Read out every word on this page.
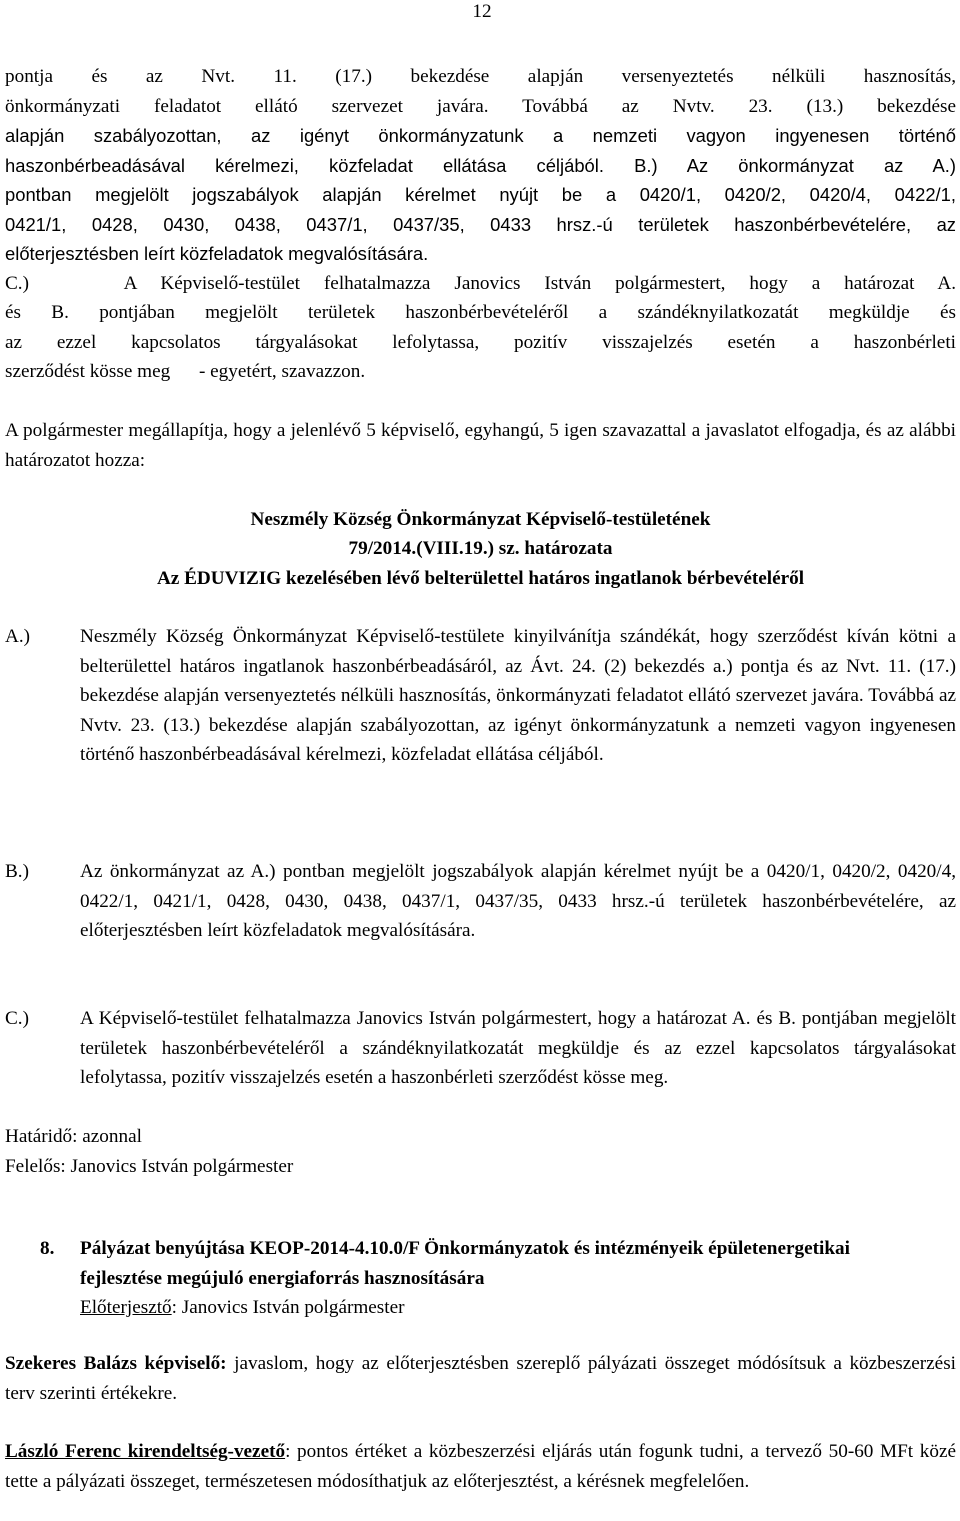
12

pontja és az Nvt. 11. (17.) bekezdése alapján versenyeztetés nélküli hasznosítás,

önkormányzati feladatot ellátó szervezet javára. Továbbá az Nvtv. 23. (13.) bekezdése

alapján szabályozottan, az igényt önkormányzatunk a nemzeti vagyon ingyenesen történő

haszonbérbeadásával kérelmezi, közfeladat ellátása céljából. B.) Az önkormányzat az A.)

pontban megjelölt jogszabályok alapján kérelmet nyújt be a 0420/1, 0420/2, 0420/4, 0422/1,

0421/1, 0428, 0430, 0438, 0437/1, 0437/35, 0433 hrsz.-ú területek haszonbérbevételére, az

előterjesztésben leírt közfeladatok megvalósítására.

C.)    A Képviselő-testület felhatalmazza Janovics István polgármestert, hogy a határozat A.

és B. pontjában megjelölt területek haszonbérbevételéről a szándéknyilatkozatát megküldje és

az ezzel kapcsolatos tárgyalásokat lefolytassa, pozitív visszajelzés esetén a haszonbérleti

szerződést kösse meg      - egyetért, szavazzon.

A polgármester megállapítja, hogy a jelenlévő 5 képviselő, egyhangú, 5 igen szavazattal a javaslatot elfogadja, és az alábbi határozatot hozza:

Neszmély Község Önkormányzat Képviselő-testületének

79/2014.(VIII.19.) sz. határozata

Az ÉDUVIZIG kezelésében lévő belterülettel határos ingatlanok bérbevételéről

A.)	Neszmély Község Önkormányzat Képviselő-testülete kinyilvánítja szándékát, hogy szerződést kíván kötni a belterülettel határos ingatlanok haszonbérbeadásáról, az Ávt. 24. (2) bekezdés a.) pontja és az Nvt. 11. (17.) bekezdése alapján versenyeztetés nélküli hasznosítás, önkormányzati feladatot ellátó szervezet javára. Továbbá az Nvtv. 23. (13.) bekezdése alapján szabályozottan, az igényt önkormányzatunk a nemzeti vagyon ingyenesen történő haszonbérbeadásával kérelmezi, közfeladat ellátása céljából.

B.)	Az önkormányzat az A.) pontban megjelölt jogszabályok alapján kérelmet nyújt be a 0420/1, 0420/2, 0420/4, 0422/1, 0421/1, 0428, 0430, 0438, 0437/1, 0437/35, 0433 hrsz.-ú területek haszonbérbevételére, az előterjesztésben leírt közfeladatok megvalósítására.

C.)	A Képviselő-testület felhatalmazza Janovics István polgármestert, hogy a határozat A. és B. pontjában megjelölt területek haszonbérbevételéről a szándéknyilatkozatát megküldje és az ezzel kapcsolatos tárgyalásokat lefolytassa, pozitív visszajelzés esetén a haszonbérleti szerződést kösse meg.

Határidő: azonnal

Felelős: Janovics István polgármester

8. Pályázat benyújtása KEOP-2014-4.10.0/F Önkormányzatok és intézményeik épületenergetikai fejlesztése megújuló energiaforrás hasznosítására

Előterjesztő: Janovics István polgármester

Szekeres Balázs képviselő: javaslom, hogy az előterjesztésben szereplő pályázati összeget módósítsuk a közbeszerzési terv szerinti értékekre.

László Ferenc kirendeltség-vezető: pontos értéket a közbeszerzési eljárás után fogunk tudni, a tervező 50-60 MFt közé tette a pályázati összeget, természetesen módosíthatjuk az előterjesztést, a kérésnek megfelelően.
